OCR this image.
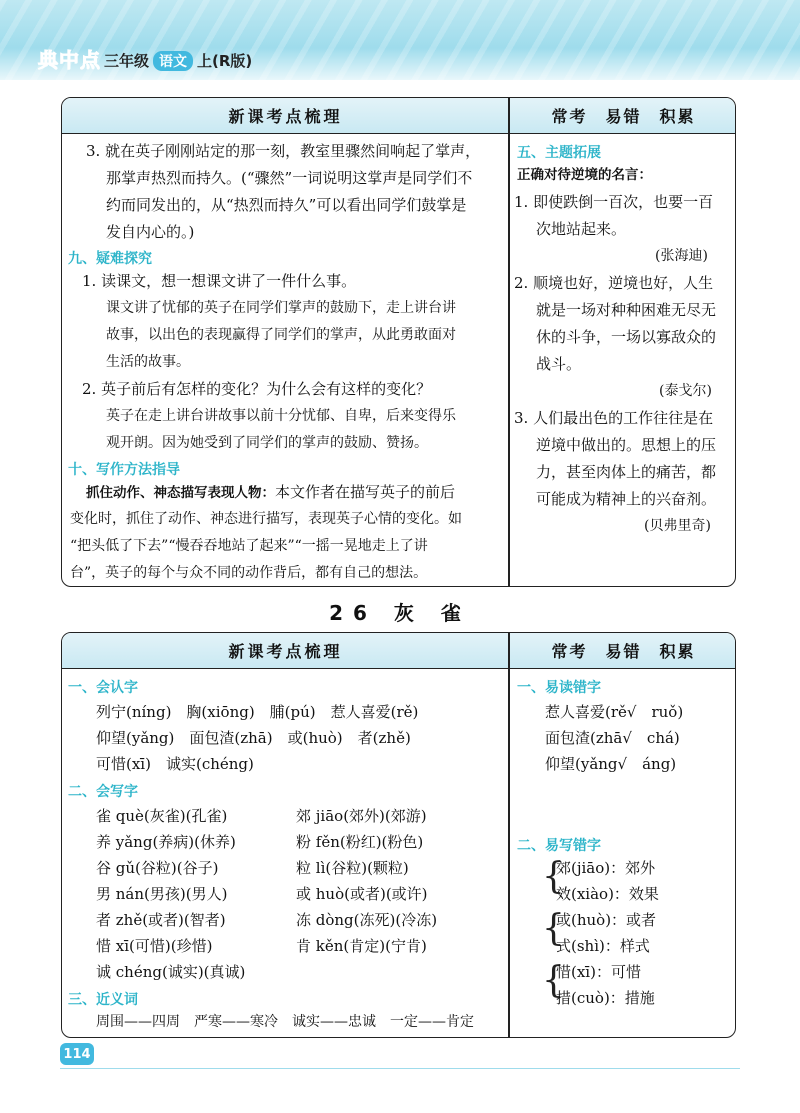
典中点 三年级 语文 上(R版)
新课考点梳理	常考　易错　积累
3. 就在英子刚刚站定的那一刻，教室里骤然间响起了掌声，
那掌声热烈而持久。(“骤然”一词说明这掌声是同学们不
约而同发出的，从“热烈而持久”可以看出同学们鼓掌是
发自内心的。)
九、疑难探究
1. 读课文，想一想课文讲了一件什么事。
课文讲了忧郁的英子在同学们掌声的鼓励下，走上讲台讲
故事，以出色的表现赢得了同学们的掌声，从此勇敢面对
生活的故事。
2. 英子前后有怎样的变化？为什么会有这样的变化？
英子在走上讲台讲故事以前十分忧郁、自卑，后来变得乐
观开朗。因为她受到了同学们的掌声的鼓励、赞扬。
十、写作方法指导
抓住动作、神态描写表现人物：本文作者在描写英子的前后
变化时，抓住了动作、神态进行描写，表现英子心情的变化。如
“把头低了下去”“慢吞吞地站了起来”“一摇一晃地走上了讲
台”，英子的每个与众不同的动作背后，都有自己的想法。
五、主题拓展
正确对待逆境的名言：
1. 即使跌倒一百次，也要一百
次地站起来。
(张海迪)
2. 顺境也好，逆境也好，人生
就是一场对种种困难无尽无
休的斗争，一场以寡敌众的
战斗。
(泰戈尔)
3. 人们最出色的工作往往是在
逆境中做出的。思想上的压
力，甚至肉体上的痛苦，都
可能成为精神上的兴奋剂。
(贝弗里奇)
26 灰 雀
新课考点梳理	常考　易错　积累
一、会认字
列宁(níng)　胸(xiōng)　脯(pú)　惹人喜爱(rě)
仰望(yǎng)　面包渣(zhā)　或(huò)　者(zhě)
可惜(xī)　诚实(chéng)
二、会写字
雀 què(灰雀)(孔雀)	郊 jiāo(郊外)(郊游)
养 yǎng(养病)(休养)	粉 fěn(粉红)(粉色)
谷 gǔ(谷粒)(谷子)	粒 lì(谷粒)(颗粒)
男 nán(男孩)(男人)	或 huò(或者)(或许)
者 zhě(或者)(智者)	冻 dòng(冻死)(冷冻)
惜 xī(可惜)(珍惜)	肯 kěn(肯定)(宁肯)
诚 chéng(诚实)(真诚)
三、近义词
周围——四周　严寒——寒冷　诚实——忠诚　一定——肯定
一、易读错字
惹人喜爱(rě√　ruǒ)
面包渣(zhā√　chá)
仰望(yǎng√　áng)
二、易写错字
{
郊(jiāo)：郊外
效(xiào)：效果
{
或(huò)：或者
式(shì)：样式
{
惜(xī)：可惜
措(cuò)：措施
114
